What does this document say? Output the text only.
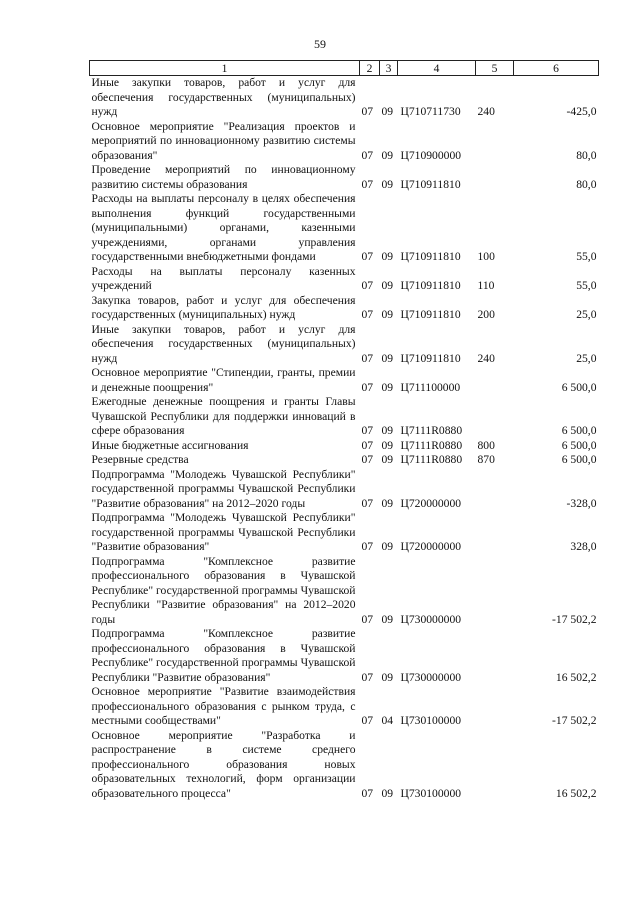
59
1	2	3	4	5	6
Иные закупки товаров, работ и услуг для обеспечения государственных (муниципальных) нужд	07	09	Ц710711730	240	-425,0
Основное мероприятие "Реализация проектов и мероприятий по инновационному развитию системы образования"	07	09	Ц710900000		80,0
Проведение мероприятий по инновационному развитию системы образования	07	09	Ц710911810		80,0
Расходы на выплаты персоналу в целях обеспечения выполнения функций государственными (муниципальными) органами, казенными учреждениями, органами управления государственными внебюджетными фондами	07	09	Ц710911810	100	55,0
Расходы на выплаты персоналу казенных учреждений	07	09	Ц710911810	110	55,0
Закупка товаров, работ и услуг для обеспечения государственных (муниципальных) нужд	07	09	Ц710911810	200	25,0
Иные закупки товаров, работ и услуг для обеспечения государственных (муниципальных) нужд	07	09	Ц710911810	240	25,0
Основное мероприятие "Стипендии, гранты, премии и денежные поощрения"	07	09	Ц711100000		6 500,0
Ежегодные денежные поощрения и гранты Главы Чувашской Республики для поддержки инноваций в сфере образования	07	09	Ц7111R0880		6 500,0
Иные бюджетные ассигнования	07	09	Ц7111R0880	800	6 500,0
Резервные средства	07	09	Ц7111R0880	870	6 500,0
Подпрограмма "Молодежь Чувашской Республики" государственной программы Чувашской Республики "Развитие образования" на 2012–2020 годы	07	09	Ц720000000		-328,0
Подпрограмма "Молодежь Чувашской Республики" государственной программы Чувашской Республики "Развитие образования"	07	09	Ц720000000		328,0
Подпрограмма "Комплексное развитие профессионального образования в Чувашской Республике" государственной программы Чувашской Республики "Развитие образования" на 2012–2020 годы	07	09	Ц730000000		-17 502,2
Подпрограмма "Комплексное развитие профессионального образования в Чувашской Республике" государственной программы Чувашской Республики "Развитие образования"	07	09	Ц730000000		16 502,2
Основное мероприятие "Развитие взаимодействия профессионального образования с рынком труда, с местными сообществами"	07	04	Ц730100000		-17 502,2
Основное мероприятие "Разработка и распространение в системе среднего профессионального образования новых образовательных технологий, форм организации образовательного процесса"	07	09	Ц730100000		16 502,2
